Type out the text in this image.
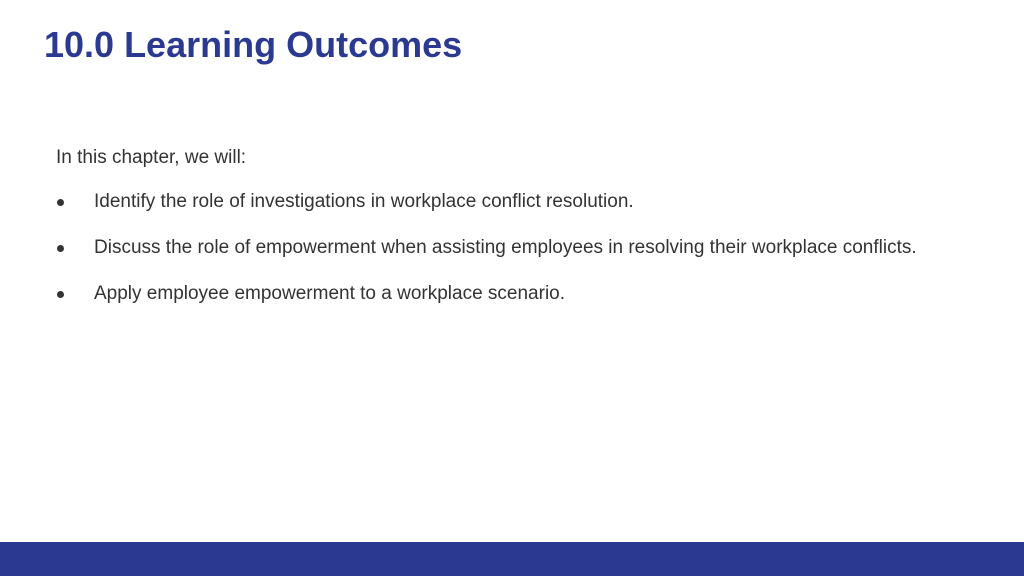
10.0 Learning Outcomes

In this chapter, we will:

Identify the role of investigations in workplace conflict resolution.
Discuss the role of empowerment when assisting employees in resolving their workplace conflicts.
Apply employee empowerment to a workplace scenario.
